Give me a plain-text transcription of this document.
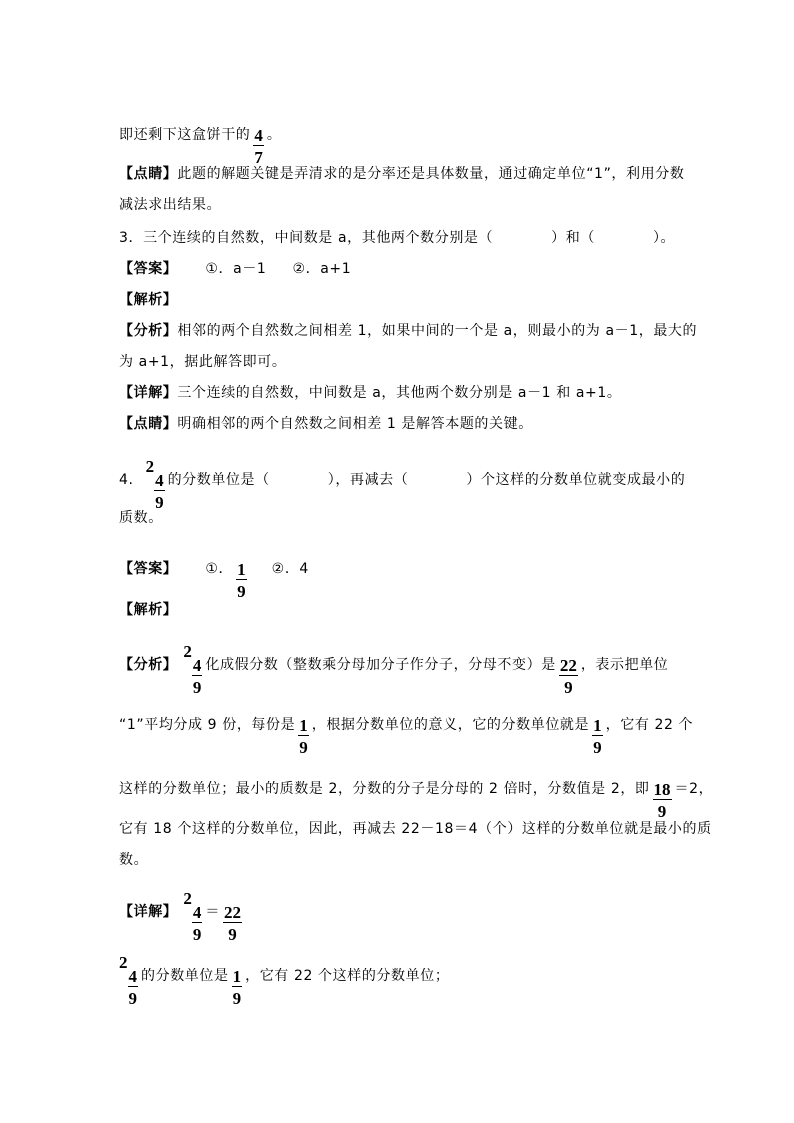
即还剩下这盒饼干的 $\frac{4}{7}$ 。
【点睛】此题的解题关键是弄清求的是分率还是具体数量，通过确定单位“1”，利用分数
减法求出结果。
3．三个连续的自然数，中间数是 a，其他两个数分别是（	）和（	）。
【答案】 ①．a－1 ②．a+1
【解析】
【分析】相邻的两个自然数之间相差 1，如果中间的一个是 a，则最小的为 a－1，最大的
为 a+1，据此解答即可。
【详解】三个连续的自然数，中间数是 a，其他两个数分别是 a－1 和 a+1。
【点睛】明确相邻的两个自然数之间相差 1 是解答本题的关键。
4.2
$\frac{4}{9}$ 的分数单位是（	），再减去（	）个这样的分数单位就变成最小的
质数。
【答案】 ①． $\frac{1}{9}$ ②．4
【解析】
【分析】2
$\frac{4}{9}$ 化成假分数（整数乘分母加分子作分子，分母不变）是 $\frac{22}{9}$ ，表示把单位
“1”平均分成 9 份，每份是 $\frac{1}{9}$ ，根据分数单位的意义，它的分数单位就是 $\frac{1}{9}$ ，它有 22 个
这样的分数单位；最小的质数是 2，分数的分子是分母的 2 倍时，分数值是 2，即 $\frac{18}{9} =2$，
它有 18 个这样的分数单位，因此，再减去 22－18＝4（个）这样的分数单位就是最小的质
数。
【详解】2
$\frac{4}{9} = \frac{22}{9}$
2
$\frac{4}{9}$ 的分数单位是 $\frac{1}{9}$ ，它有 22 个这样的分数单位；
